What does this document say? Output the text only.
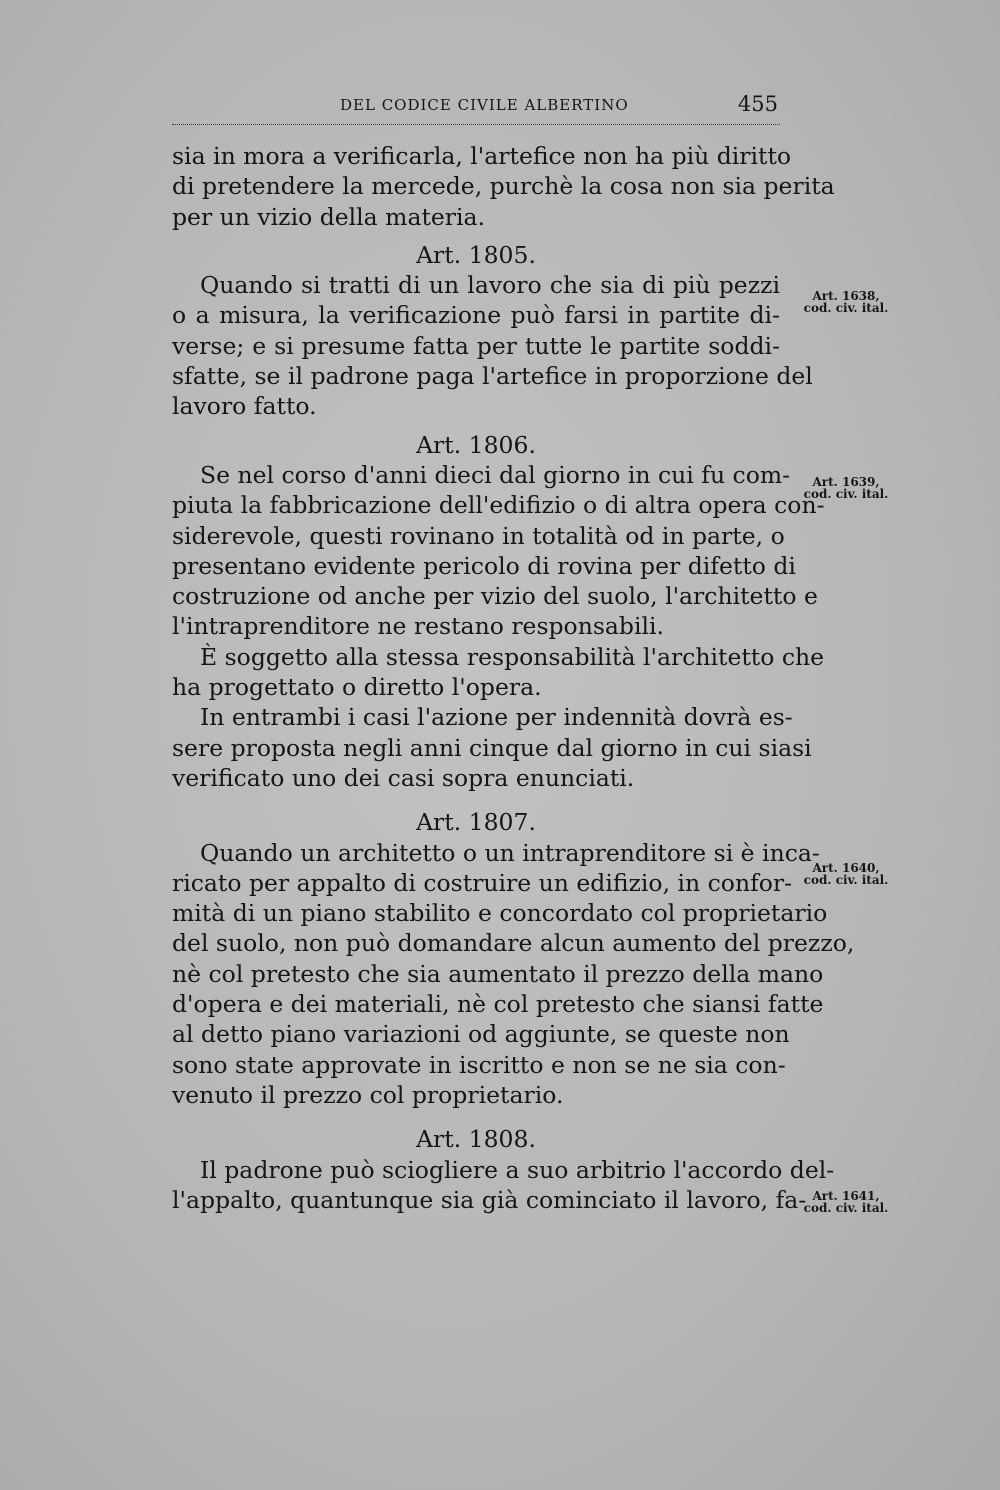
DEL CODICE CIVILE ALBERTINO	455
sia in mora a verificarla, l'artefice non ha più diritto
di pretendere la mercede, purchè la cosa non sia perita
per un vizio della materia.
Art. 1805.
Quando si tratti di un lavoro che sia di più pezzi
o a misura, la verificazione può farsi in partite di-
verse; e si presume fatta per tutte le partite soddi-
sfatte, se il padrone paga l'artefice in proporzione del
lavoro fatto.
Art. 1806.
Se nel corso d'anni dieci dal giorno in cui fu com-
piuta la fabbricazione dell'edifizio o di altra opera con-
siderevole, questi rovinano in totalità od in parte, o
presentano evidente pericolo di rovina per difetto di
costruzione od anche per vizio del suolo, l'architetto e
l'intraprenditore ne restano responsabili.
È soggetto alla stessa responsabilità l'architetto che
ha progettato o diretto l'opera.
In entrambi i casi l'azione per indennità dovrà es-
sere proposta negli anni cinque dal giorno in cui siasi
verificato uno dei casi sopra enunciati.
Art. 1807.
Quando un architetto o un intraprenditore si è inca-
ricato per appalto di costruire un edifizio, in confor-
mità di un piano stabilito e concordato col proprietario
del suolo, non può domandare alcun aumento del prezzo,
nè col pretesto che sia aumentato il prezzo della mano
d'opera e dei materiali, nè col pretesto che siansi fatte
al detto piano variazioni od aggiunte, se queste non
sono state approvate in iscritto e non se ne sia con-
venuto il prezzo col proprietario.
Art. 1808.
Il padrone può sciogliere a suo arbitrio l'accordo del-
l'appalto, quantunque sia già cominciato il lavoro, fa-
Art. 1638,
cod. civ. ital.
Art. 1639,
cod. civ. ital.
Art. 1640,
cod. civ. ital.
Art. 1641,
cod. civ. ital.
